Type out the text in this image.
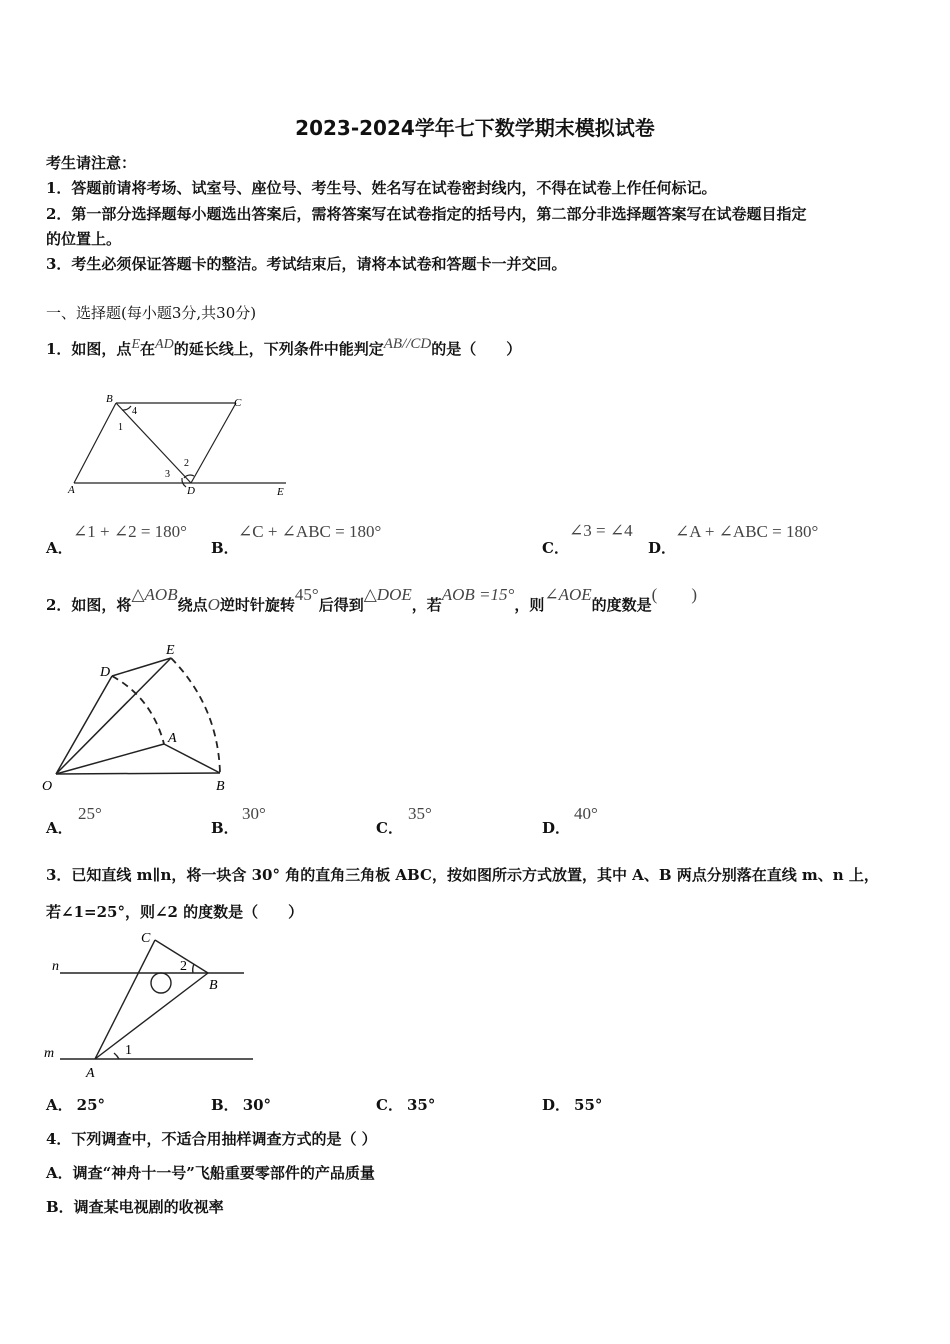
2023-2024学年七下数学期末模拟试卷
考生请注意：
1．答题前请将考场、试室号、座位号、考生号、姓名写在试卷密封线内，不得在试卷上作任何标记。
2．第一部分选择题每小题选出答案后，需将答案写在试卷指定的括号内，第二部分非选择题答案写在试卷题目指定
的位置上。
3．考生必须保证答题卡的整洁。考试结束后，请将本试卷和答题卡一并交回。
一、选择题(每小题3分,共30分)
1．如图，点E在AD的延长线上，下列条件中能判定AB//CD的是（　　）
B	C
A	D	E
1
2
3
4
A．
∠1 + ∠2 = 180°
B．
∠C + ∠ABC = 180°
C．
∠3 = ∠4
D．
∠A + ∠ABC = 180°
2．如图，将△AOB绕点O逆时针旋转45°后得到△DOE，若AOB =15°，则∠AOE的度数是(　　)
D
E
A
O	B
A．
25°
B．
30°
C．
35°
D．
40°
3．已知直线 m∥n，将一块含 30° 角的直角三角板 ABC，按如图所示方式放置，其中 A、B 两点分别落在直线 m、n 上，
若∠1=25°，则∠2 的度数是（　　）
C
n
m
A
B
1
2
A． 25°	B． 30°	C． 35°	D． 55°
4．下列调查中，不适合用抽样调查方式的是（ ）
A．调查“神舟十一号”飞船重要零部件的产品质量
B．调查某电视剧的收视率
